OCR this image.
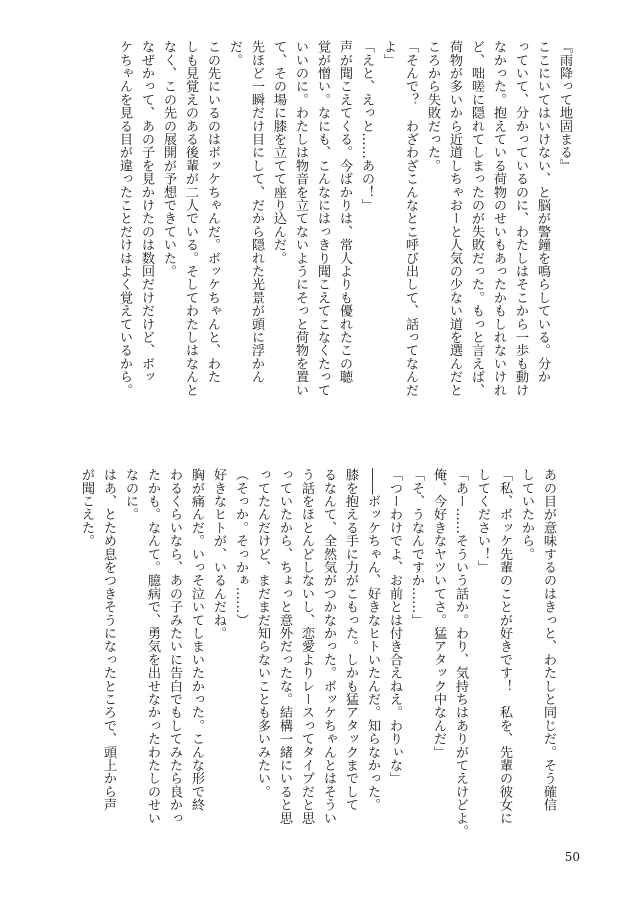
『雨降って地固まる』

ここにいてはいけない、と脳が警鐘を鳴らしている。分か

っていて、分かっているのに、わたしはそこから一歩も動け

なかった。抱えている荷物のせいもあったかもしれないけれ

ど、咄嗟に隠れてしまったのが失敗だった。もっと言えば、

荷物が多いから近道しちゃおーと人気の少ない道を選んだと

ころから失敗だった。

「そんで？　わざわざこんなとこ呼び出して、話ってなんだ

よ」

「えと、えっと……あの！」

声が聞こえてくる。今ばかりは、常人よりも優れたこの聴

覚が憎い。なにも、こんなにはっきり聞こえてこなくたって

いいのに。わたしは物音を立てないようにそっと荷物を置い

て、その場に膝を立てて座り込んだ。

先ほど一瞬だけ目にして、だから隠れた光景が頭に浮かん

だ。

この先にいるのはボッケちゃんだ。ボッケちゃんと、わた

しも見覚えのある後輩が二人でいる。そしてわたしはなんと

なく、この先の展開が予想できていた。

なぜかって、あの子を見かけたのは数回だけだけど、ボッ

ケちゃんを見る目が違ったことだけはよく覚えているから。

あの目が意味するのはきっと、わたしと同じだ。そう確信

していたから。

「私、ボッケ先輩のことが好きです！　私を、先輩の彼女に

してください！」

「あー……そういう話か。わり、気持ちはありがてえけどよ。

俺、今好きなヤツいてさ。猛アタック中なんだ」

「そ、うなんですか……」

「つーわけでよ、お前とは付き合えねえ。わりぃな」

――ボッケちゃん、好きなヒトいたんだ。知らなかった。

膝を抱える手に力がこもった。しかも猛アタックまでして

るなんて、全然気がつかなかった。ボッケちゃんとはそうい

う話をほとんどしないし、恋愛よりレースってタイプだと思

っていたから、ちょっと意外だったな。結構一緒にいると思

ってたんだけど、まだまだ知らないことも多いみたい。

（そっか。そっかぁ……）

好きなヒトが、いるんだね。

胸が痛んだ。いっそ泣いてしまいたかった。こんな形で終

わるくらいなら、あの子みたいに告白でもしてみたら良かっ

たかも。なんて。臆病で、勇気を出せなかったわたしのせい

なのに。

はあ、とため息をつきそうになったところで、頭上から声

が聞こえた。

50
